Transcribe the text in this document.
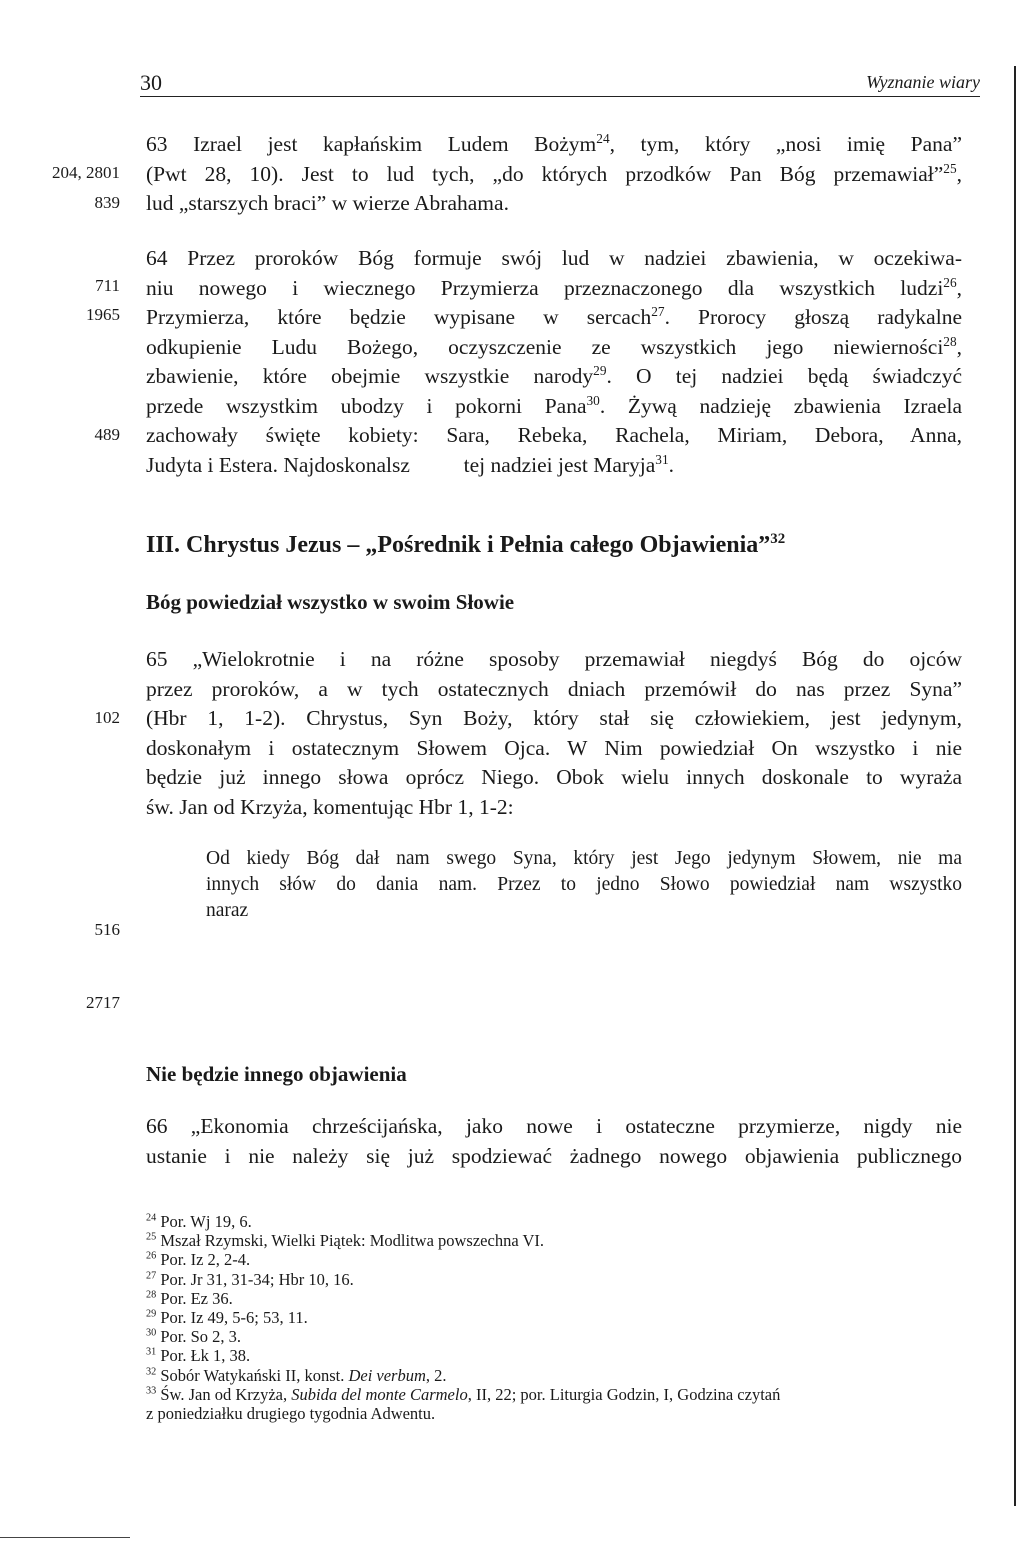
30	Wyznanie wiary
204, 2801
839
711
1965
489
102
516
2717
63 Izrael jest kapłańskim Ludem Bożym$^{24}$, tym, który „nosi imię Pana”
(Pwt 28, 10). Jest to lud tych, „do których przodków Pan Bóg przemawiał”$^{25}$,
lud „starszych braci” w wierze Abrahama.
64 Przez proroków Bóg formuje swój lud w nadziei zbawienia, w oczekiwa-
niu nowego i wiecznego Przymierza przeznaczonego dla wszystkich ludzi$^{26}$,
Przymierza, które będzie wypisane w sercach$^{27}$. Prorocy głoszą radykalne
odkupienie Ludu Bożego, oczyszczenie ze wszystkich jego niewierności$^{28}$,
zbawienie, które obejmie wszystkie narody$^{29}$. O tej nadziei będą świadczyć
przede wszystkim ubodzy i pokorni Pana$^{30}$. Żywą nadzieję zbawienia Izraela
zachowały święte kobiety: Sara, Rebeka, Rachela, Miriam, Debora, Anna,
Judyta i Estera. Najdoskonalsz          tej nadziei jest Maryja$^{31}$.
III. Chrystus Jezus – „Pośrednik i Pełnia całego Objawienia”$^{32}$
Bóg powiedział wszystko w swoim Słowie
65 „Wielokrotnie i na różne sposoby przemawiał niegdyś Bóg do ojców
przez proroków, a w tych ostatecznych dniach przemówił do nas przez Syna”
(Hbr 1, 1-2). Chrystus, Syn Boży, który stał się człowiekiem, jest jedynym,
doskonałym i ostatecznym Słowem Ojca. W Nim powiedział On wszystko i nie
będzie już innego słowa oprócz Niego. Obok wielu innych doskonale to wyraża
św. Jan od Krzyża, komentując Hbr 1, 1-2:
Od kiedy Bóg dał nam swego Syna, który jest Jego jedynym Słowem, nie ma
innych słów do dania nam. Przez to jedno Słowo powiedział nam wszystko
naraz
Nie będzie innego objawienia
66 „Ekonomia chrześcijańska, jako nowe i ostateczne przymierze, nigdy nie
ustanie i nie należy się już spodziewać żadnego nowego objawienia publicznego
$^{24}$ Por. Wj 19, 6.
$^{25}$ Mszał Rzymski, Wielki Piątek: Modlitwa powszechna VI.
$^{26}$ Por. Iz 2, 2-4.
$^{27}$ Por. Jr 31, 31-34; Hbr 10, 16.
$^{28}$ Por. Ez 36.
$^{29}$ Por. Iz 49, 5-6; 53, 11.
$^{30}$ Por. So 2, 3.
$^{31}$ Por. Łk 1, 38.
$^{32}$ Sobór Watykański II, konst. Dei verbum, 2.
$^{33}$ Św. Jan od Krzyża, Subida del monte Carmelo, II, 22; por. Liturgia Godzin, I, Godzina czytań
z poniedziałku drugiego tygodnia Adwentu.
